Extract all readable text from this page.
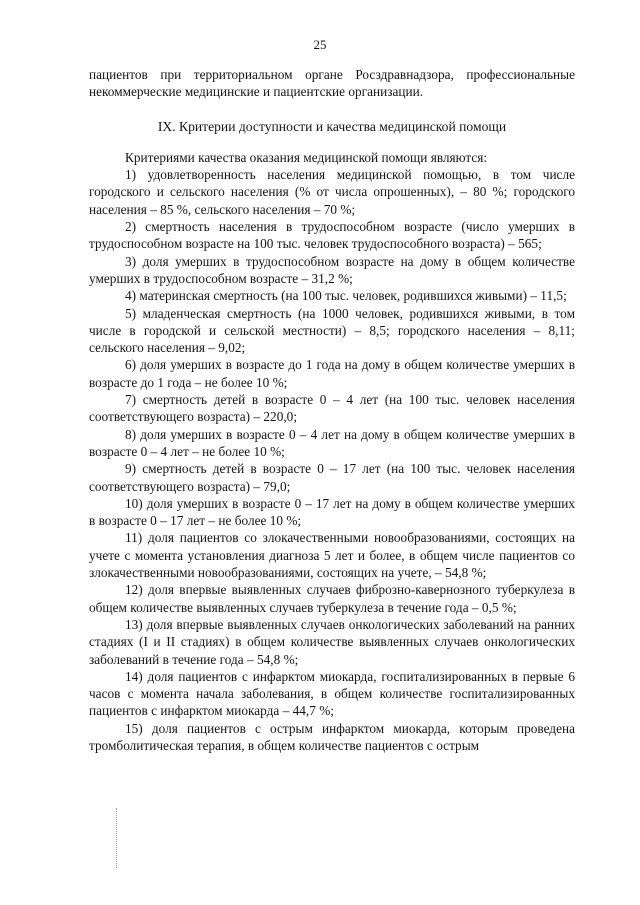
25

пациентов при территориальном органе Росздравнадзора, профессиональные некоммерческие медицинские и пациентские организации.

IX. Критерии доступности и качества медицинской помощи

Критериями качества оказания медицинской помощи являются:

1) удовлетворенность населения медицинской помощью, в том числе городского и сельского населения (% от числа опрошенных), – 80 %; городского населения – 85 %, сельского населения – 70 %;

2) смертность населения в трудоспособном возрасте (число умерших в трудоспособном возрасте на 100 тыс. человек трудоспособного возраста) – 565;

3) доля умерших в трудоспособном возрасте на дому в общем количестве умерших в трудоспособном возрасте – 31,2 %;

4) материнская смертность (на 100 тыс. человек, родившихся живыми) – 11,5;

5) младенческая смертность (на 1000 человек, родившихся живыми, в том числе в городской и сельской местности) – 8,5; городского населения – 8,11; сельского населения – 9,02;

6) доля умерших в возрасте до 1 года на дому в общем количестве умерших в возрасте до 1 года – не более 10 %;

7) смертность детей в возрасте 0 – 4 лет (на 100 тыс. человек населения соответствующего возраста) – 220,0;

8) доля умерших в возрасте 0 – 4 лет на дому в общем количестве умерших в возрасте 0 – 4 лет – не более 10 %;

9) смертность детей в возрасте 0 – 17 лет (на 100 тыс. человек населения соответствующего возраста) – 79,0;

10) доля умерших в возрасте 0 – 17 лет на дому в общем количестве умерших в возрасте 0 – 17 лет – не более 10 %;

11) доля пациентов со злокачественными новообразованиями, состоящих на учете с момента установления диагноза 5 лет и более, в общем числе пациентов со злокачественными новообразованиями, состоящих на учете, – 54,8 %;

12) доля впервые выявленных случаев фиброзно-кавернозного туберкулеза в общем количестве выявленных случаев туберкулеза в течение года – 0,5 %;

13) доля впервые выявленных случаев онкологических заболеваний на ранних стадиях (I и II стадиях) в общем количестве выявленных случаев онкологических заболеваний в течение года – 54,8 %;

14) доля пациентов с инфарктом миокарда, госпитализированных в первые 6 часов с момента начала заболевания, в общем количестве госпитализированных пациентов с инфарктом миокарда – 44,7 %;

15) доля пациентов с острым инфарктом миокарда, которым проведена тромболитическая терапия, в общем количестве пациентов с острым
